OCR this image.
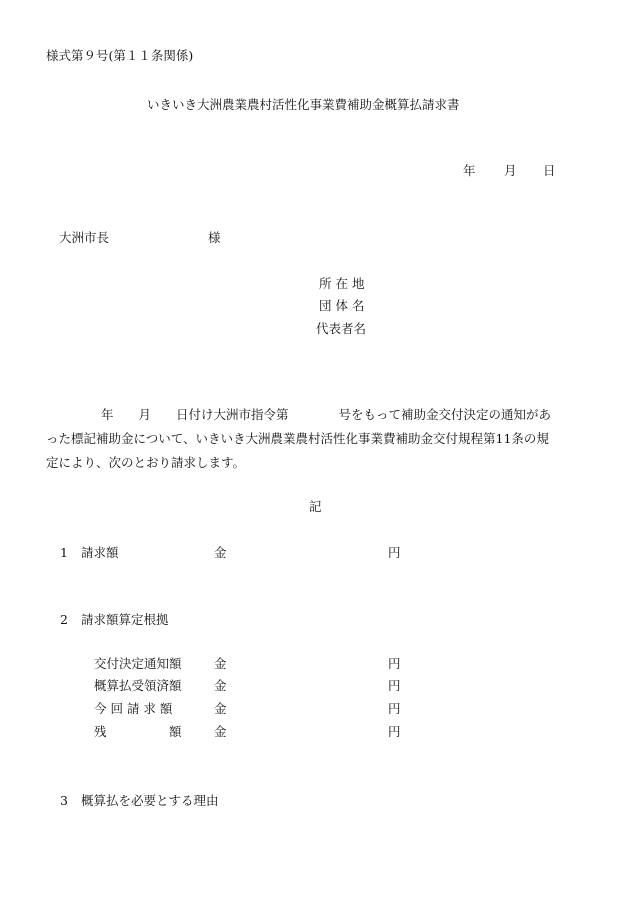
様式第９号(第１１条関係)
いきいき大洲農業農村活性化事業費補助金概算払請求書
年 月 日
大洲市長	様
所 在 地
団 体 名
代表者名
年　　月　　日付け大洲市指令第　　　　号をもって補助金交付決定の通知があ
った標記補助金について、いきいき大洲農業農村活性化事業費補助金交付規程第11条の規
定により、次のとおり請求します。
記
1 請求額	金	円
2 請求額算定根拠
交付決定通知額	金	円
概算払受領済額	金	円
今 回 請 求 額	金	円
残　　　　　額	金	円
3 概算払を必要とする理由
